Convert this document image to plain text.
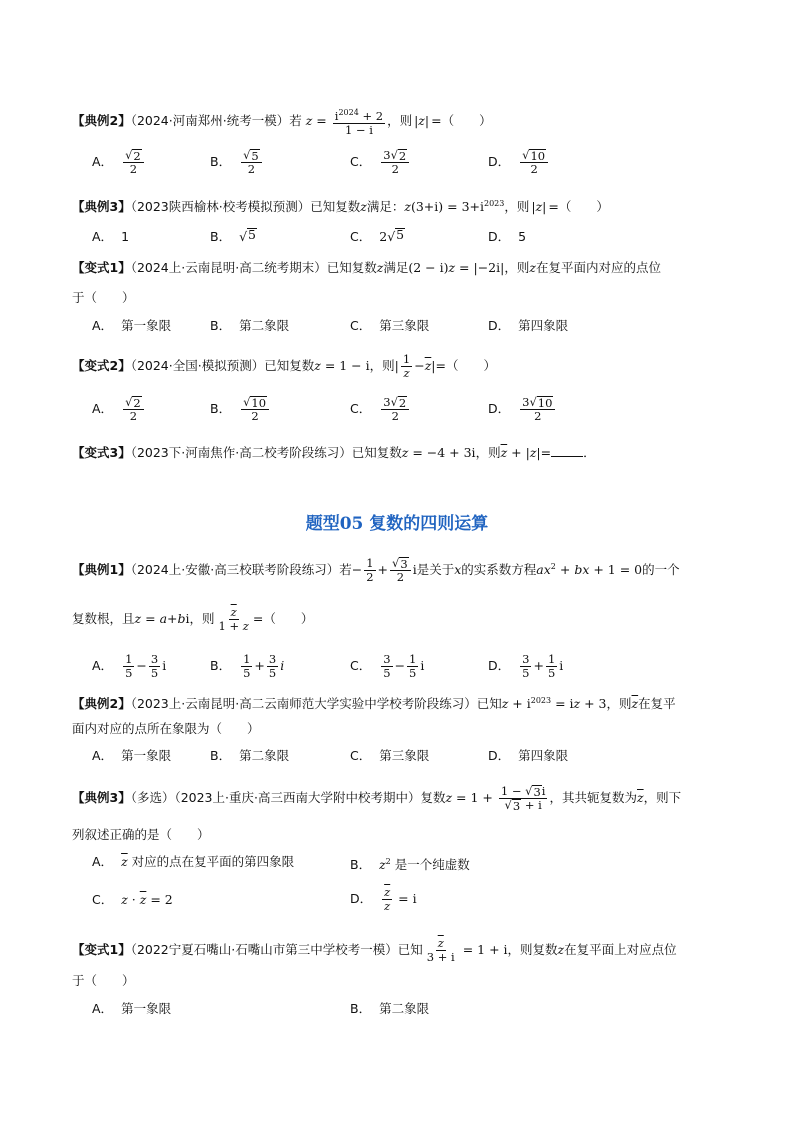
【典例2】（2024·河南郑州·统考一模）若 $z = \frac{i^{2024} + 2}{1 - i}$ ，则 |z| =（　　）
A． $\frac{√ 2}{2}$	B． $\frac{√ 5}{2}$	C． $\frac{3 √ 2}{2}$	D． $\frac{√ 10}{2}$
【典例3】（2023陕西榆林·校考模拟预测）已知复数z满足：$z(3+i) = 3+i^{2023}$，则 |z| =（　　）
A． 1	B． √ 5	C． 2 √ 5	D． 5
【变式1】（2024上·云南昆明·高二统考期末）已知复数z满足(2 − i)z = |−2i|，则z在复平面内对应的点位
于（　　）
A． 第一象限	B． 第二象限	C． 第三象限	D． 第四象限
【变式2】（2024·全国·模拟预测）已知复数z = 1 − i，则| $\frac{1}{z} -\overline{z}|=$（　　）
A． $\frac{√ 2}{2}$	B． $\frac{√ 10}{2}$	C． $\frac{3 √ 2}{2}$	D． $\frac{3 √ 10}{2}$
【变式3】（2023下·河南焦作·高二校考阶段练习）已知复数z = −4 + 3i，则$\overline{z} + |z|=$	．
题型05 复数的四则运算
【典例1】（2024上·安徽·高三校联考阶段练习）若− $\frac{1}{2} + \frac{√ 3}{2}$ i是关于x的实系数方程$ax^2$ + bx + 1 = 0的一个
复数根，且z = a+bi，则 $\frac{\overline{z}}{1 + z}$ =（　　）
A． $\frac{1}{5} - \frac{3}{5}$ i	B． $\frac{1}{5} + \frac{3}{5}$ i	C． $\frac{3}{5} - \frac{1}{5}$ i	D． $\frac{3}{5} + \frac{1}{5}$ i
【典例2】（2023上·云南昆明·高二云南师范大学实验中学校考阶段练习）已知$z + i^{2023}$ = iz + 3，则$\overline{z}$在复平
面内对应的点所在象限为（　　）
A． 第一象限	B． 第二象限	C． 第三象限	D． 第四象限
【典例3】（多选）（2023上·重庆·高三西南大学附中校考期中）复数$z = 1 + \frac{1 - √ 3 i}{√ 3 + i}$ ，其共轭复数为$\overline{z}$，则下
列叙述正确的是（　　）
A． $\overline{z}$ 对应的点在复平面的第四象限	B． $z^2$ 是一个纯虚数
C． $z \cdot \overline{z} = 2$	D． $\frac{\overline{z}}{z} = i$
【变式1】（2022宁夏石嘴山·石嘴山市第三中学校考一模）已知 $\frac{\overline{z}}{3 + i} = 1 + i$，则复数z在复平面上对应点位
于（　　）
A． 第一象限	B． 第二象限
